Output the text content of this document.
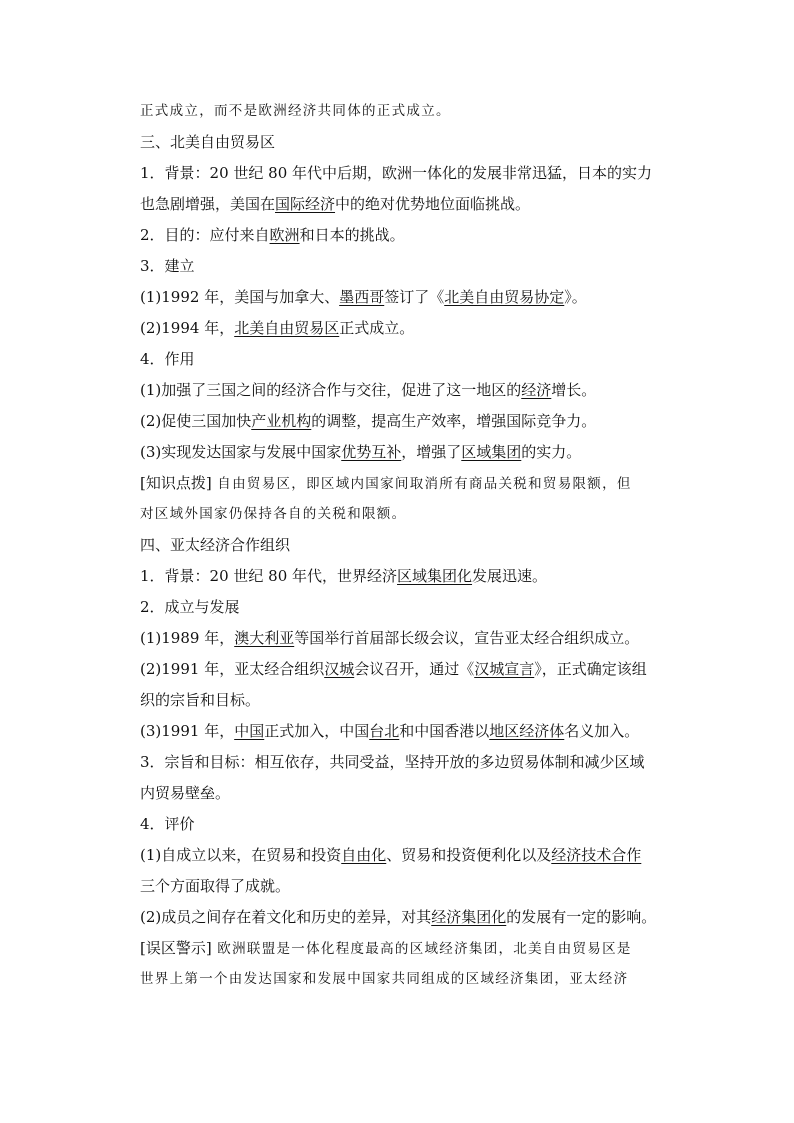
正式成立，而不是欧洲经济共同体的正式成立。
三、北美自由贸易区
1．背景：20 世纪 80 年代中后期，欧洲一体化的发展非常迅猛，日本的实力
也急剧增强，美国在国际经济中的绝对优势地位面临挑战。
2．目的：应付来自欧洲和日本的挑战。
3．建立
(1)1992 年，美国与加拿大、墨西哥签订了《北美自由贸易协定》。
(2)1994 年，北美自由贸易区正式成立。
4．作用
(1)加强了三国之间的经济合作与交往，促进了这一地区的经济增长。
(2)促使三国加快产业机构的调整，提高生产效率，增强国际竞争力。
(3)实现发达国家与发展中国家优势互补，增强了区域集团的实力。
[知识点拨] 自由贸易区，即区域内国家间取消所有商品关税和贸易限额，但
对区域外国家仍保持各自的关税和限额。
四、亚太经济合作组织
1．背景：20 世纪 80 年代，世界经济区域集团化发展迅速。
2．成立与发展
(1)1989 年，澳大利亚等国举行首届部长级会议，宣告亚太经合组织成立。
(2)1991 年，亚太经合组织汉城会议召开，通过《汉城宣言》，正式确定该组
织的宗旨和目标。
(3)1991 年，中国正式加入，中国台北和中国香港以地区经济体名义加入。
3．宗旨和目标：相互依存，共同受益，坚持开放的多边贸易体制和减少区域
内贸易壁垒。
4．评价
(1)自成立以来，在贸易和投资自由化、贸易和投资便利化以及经济技术合作
三个方面取得了成就。
(2)成员之间存在着文化和历史的差异，对其经济集团化的发展有一定的影响。
[误区警示] 欧洲联盟是一体化程度最高的区域经济集团，北美自由贸易区是
世界上第一个由发达国家和发展中国家共同组成的区域经济集团，亚太经济
